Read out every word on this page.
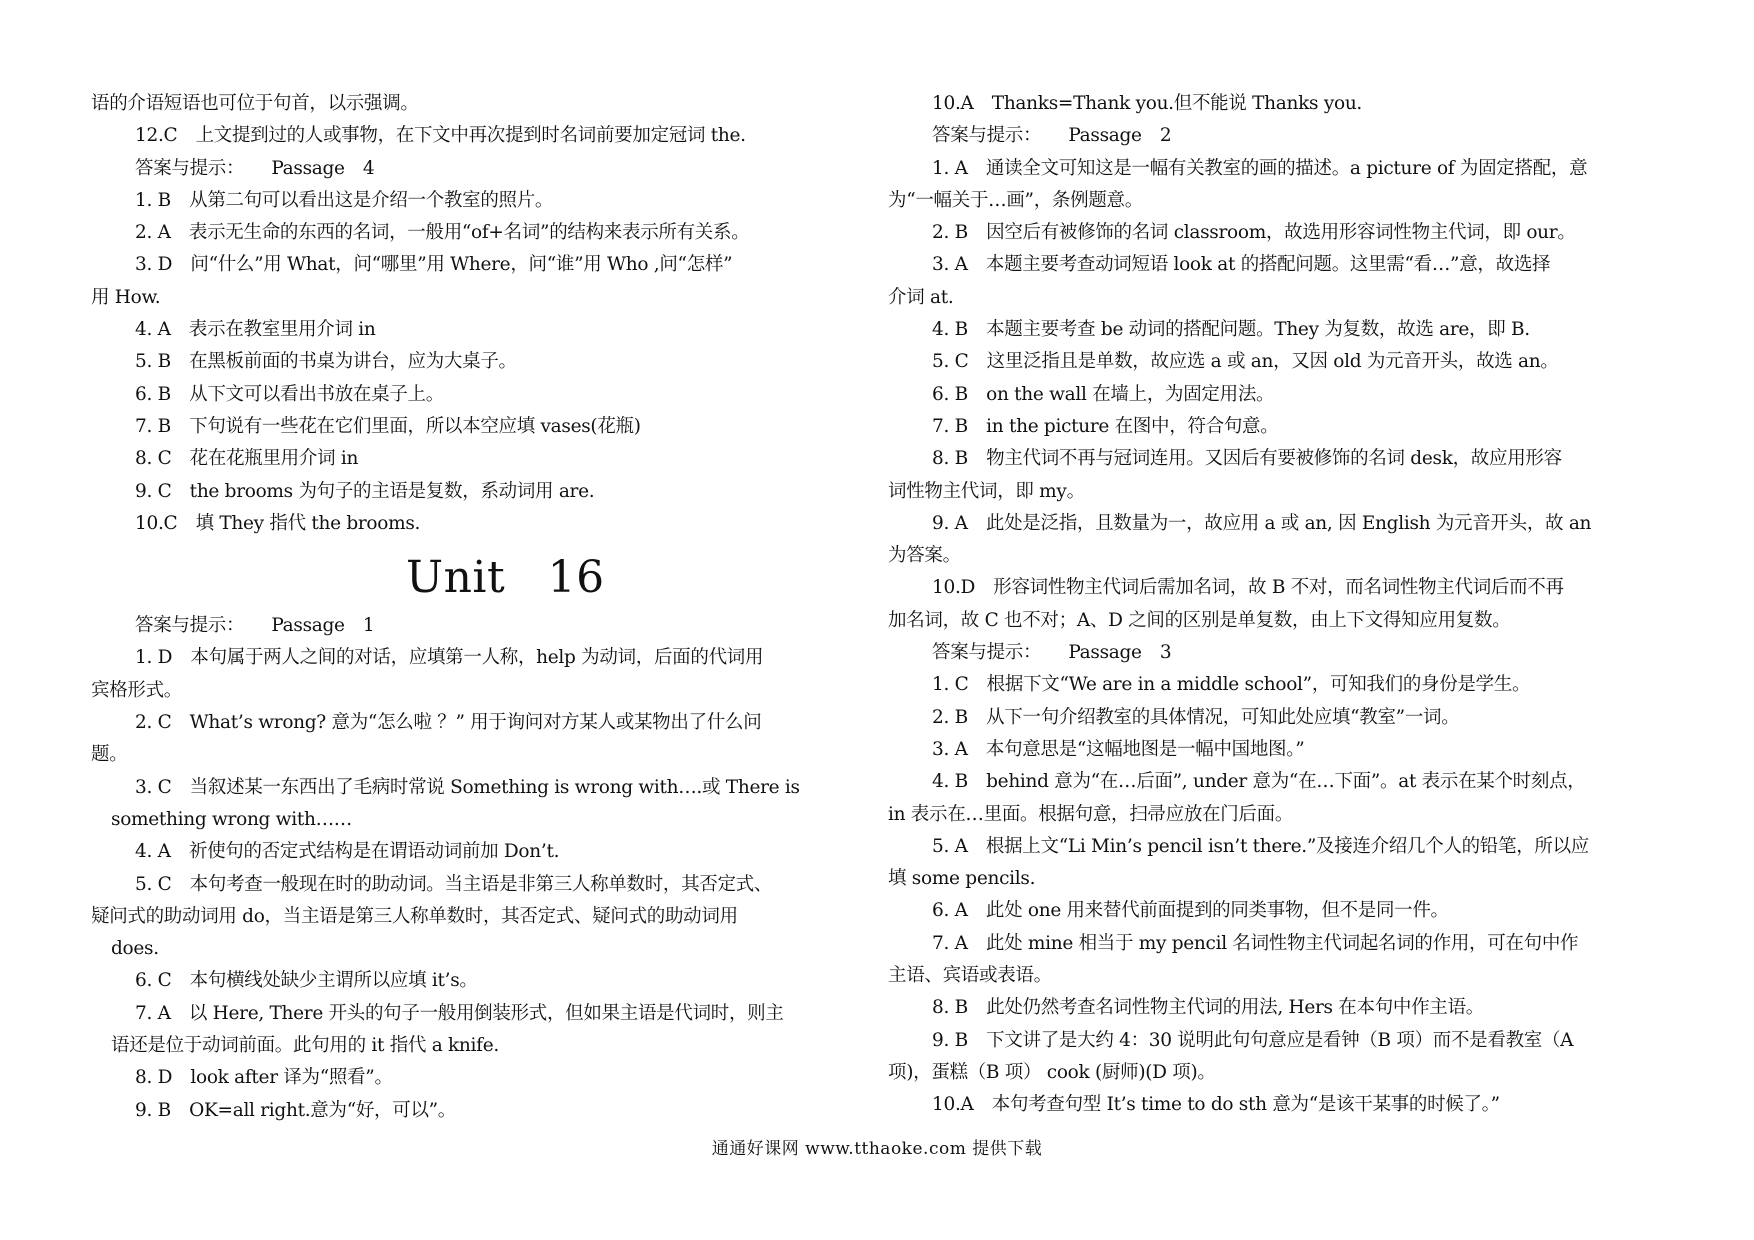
语的介语短语也可位于句首，以示强调。
12.C　上文提到过的人或事物，在下文中再次提到时名词前要加定冠词 the.
答案与提示：　　Passage　4
1. B　从第二句可以看出这是介绍一个教室的照片。
2. A　表示无生命的东西的名词，一般用“of+名词”的结构来表示所有关系。
3. D　问“什么”用 What，问“哪里”用 Where，问“谁”用 Who ,问“怎样”
用 How.
4. A　表示在教室里用介词 in
5. B　在黑板前面的书桌为讲台，应为大桌子。
6. B　从下文可以看出书放在桌子上。
7. B　下句说有一些花在它们里面，所以本空应填 vases(花瓶)
8. C　花在花瓶里用介词 in
9. C　the brooms 为句子的主语是复数，系动词用 are.
10.C　填 They 指代 the brooms.
Unit 16
答案与提示：　　Passage　1
1. D　本句属于两人之间的对话，应填第一人称，help 为动词，后面的代词用
宾格形式。
2. C　What’s wrong? 意为“怎么啦 ？” 用于询问对方某人或某物出了什么问
题。
3. C　当叙述某一东西出了毛病时常说 Something is wrong with….或 There is
something wrong with……
4. A　祈使句的否定式结构是在谓语动词前加 Don’t.
5. C　本句考查一般现在时的助动词。当主语是非第三人称单数时，其否定式、
疑问式的助动词用 do，当主语是第三人称单数时，其否定式、疑问式的助动词用
does.
6. C　本句横线处缺少主谓所以应填 it’s。
7. A　以 Here, There 开头的句子一般用倒装形式，但如果主语是代词时，则主
语还是位于动词前面。此句用的 it 指代 a knife.
8. D　look after 译为“照看”。
9. B　OK=all right.意为“好，可以”。
10.A　Thanks=Thank you.但不能说 Thanks you.
答案与提示：　　Passage　2
1. A　通读全文可知这是一幅有关教室的画的描述。a picture of 为固定搭配，意
为“一幅关于…画”，条例题意。
2. B　因空后有被修饰的名词 classroom，故选用形容词性物主代词，即 our。
3. A　本题主要考查动词短语 look at 的搭配问题。这里需“看…”意，故选择
介词 at.
4. B　本题主要考查 be 动词的搭配问题。They 为复数，故选 are，即 B.
5. C　这里泛指且是单数，故应选 a 或 an，又因 old 为元音开头，故选 an。
6. B　on the wall 在墙上，为固定用法。
7. B　in the picture 在图中，符合句意。
8. B　物主代词不再与冠词连用。又因后有要被修饰的名词 desk，故应用形容
词性物主代词，即 my。
9. A　此处是泛指，且数量为一，故应用 a 或 an, 因 English 为元音开头，故 an
为答案。
10.D　形容词性物主代词后需加名词，故 B 不对，而名词性物主代词后而不再
加名词，故 C 也不对；A、D 之间的区别是单复数，由上下文得知应用复数。
答案与提示：　　Passage　3
1. C　根据下文“We are in a middle school”，可知我们的身份是学生。
2. B　从下一句介绍教室的具体情况，可知此处应填“教室”一词。
3. A　本句意思是“这幅地图是一幅中国地图。”
4. B　behind 意为“在…后面”, under 意为“在…下面”。at 表示在某个时刻点，
in 表示在…里面。根据句意，扫帚应放在门后面。
5. A　根据上文“Li Min’s pencil isn’t there.”及接连介绍几个人的铅笔，所以应
填 some pencils.
6. A　此处 one 用来替代前面提到的同类事物，但不是同一件。
7. A　此处 mine 相当于 my pencil 名词性物主代词起名词的作用，可在句中作
主语、宾语或表语。
8. B　此处仍然考查名词性物主代词的用法, Hers 在本句中作主语。
9. B　下文讲了是大约 4：30 说明此句句意应是看钟（B 项）而不是看教室（A
项)，蛋糕（B 项） cook (厨师)(D 项)。
10.A　本句考查句型 It’s time to do sth 意为“是该干某事的时候了。”
通通好课网 www.tthaoke.com 提供下载
